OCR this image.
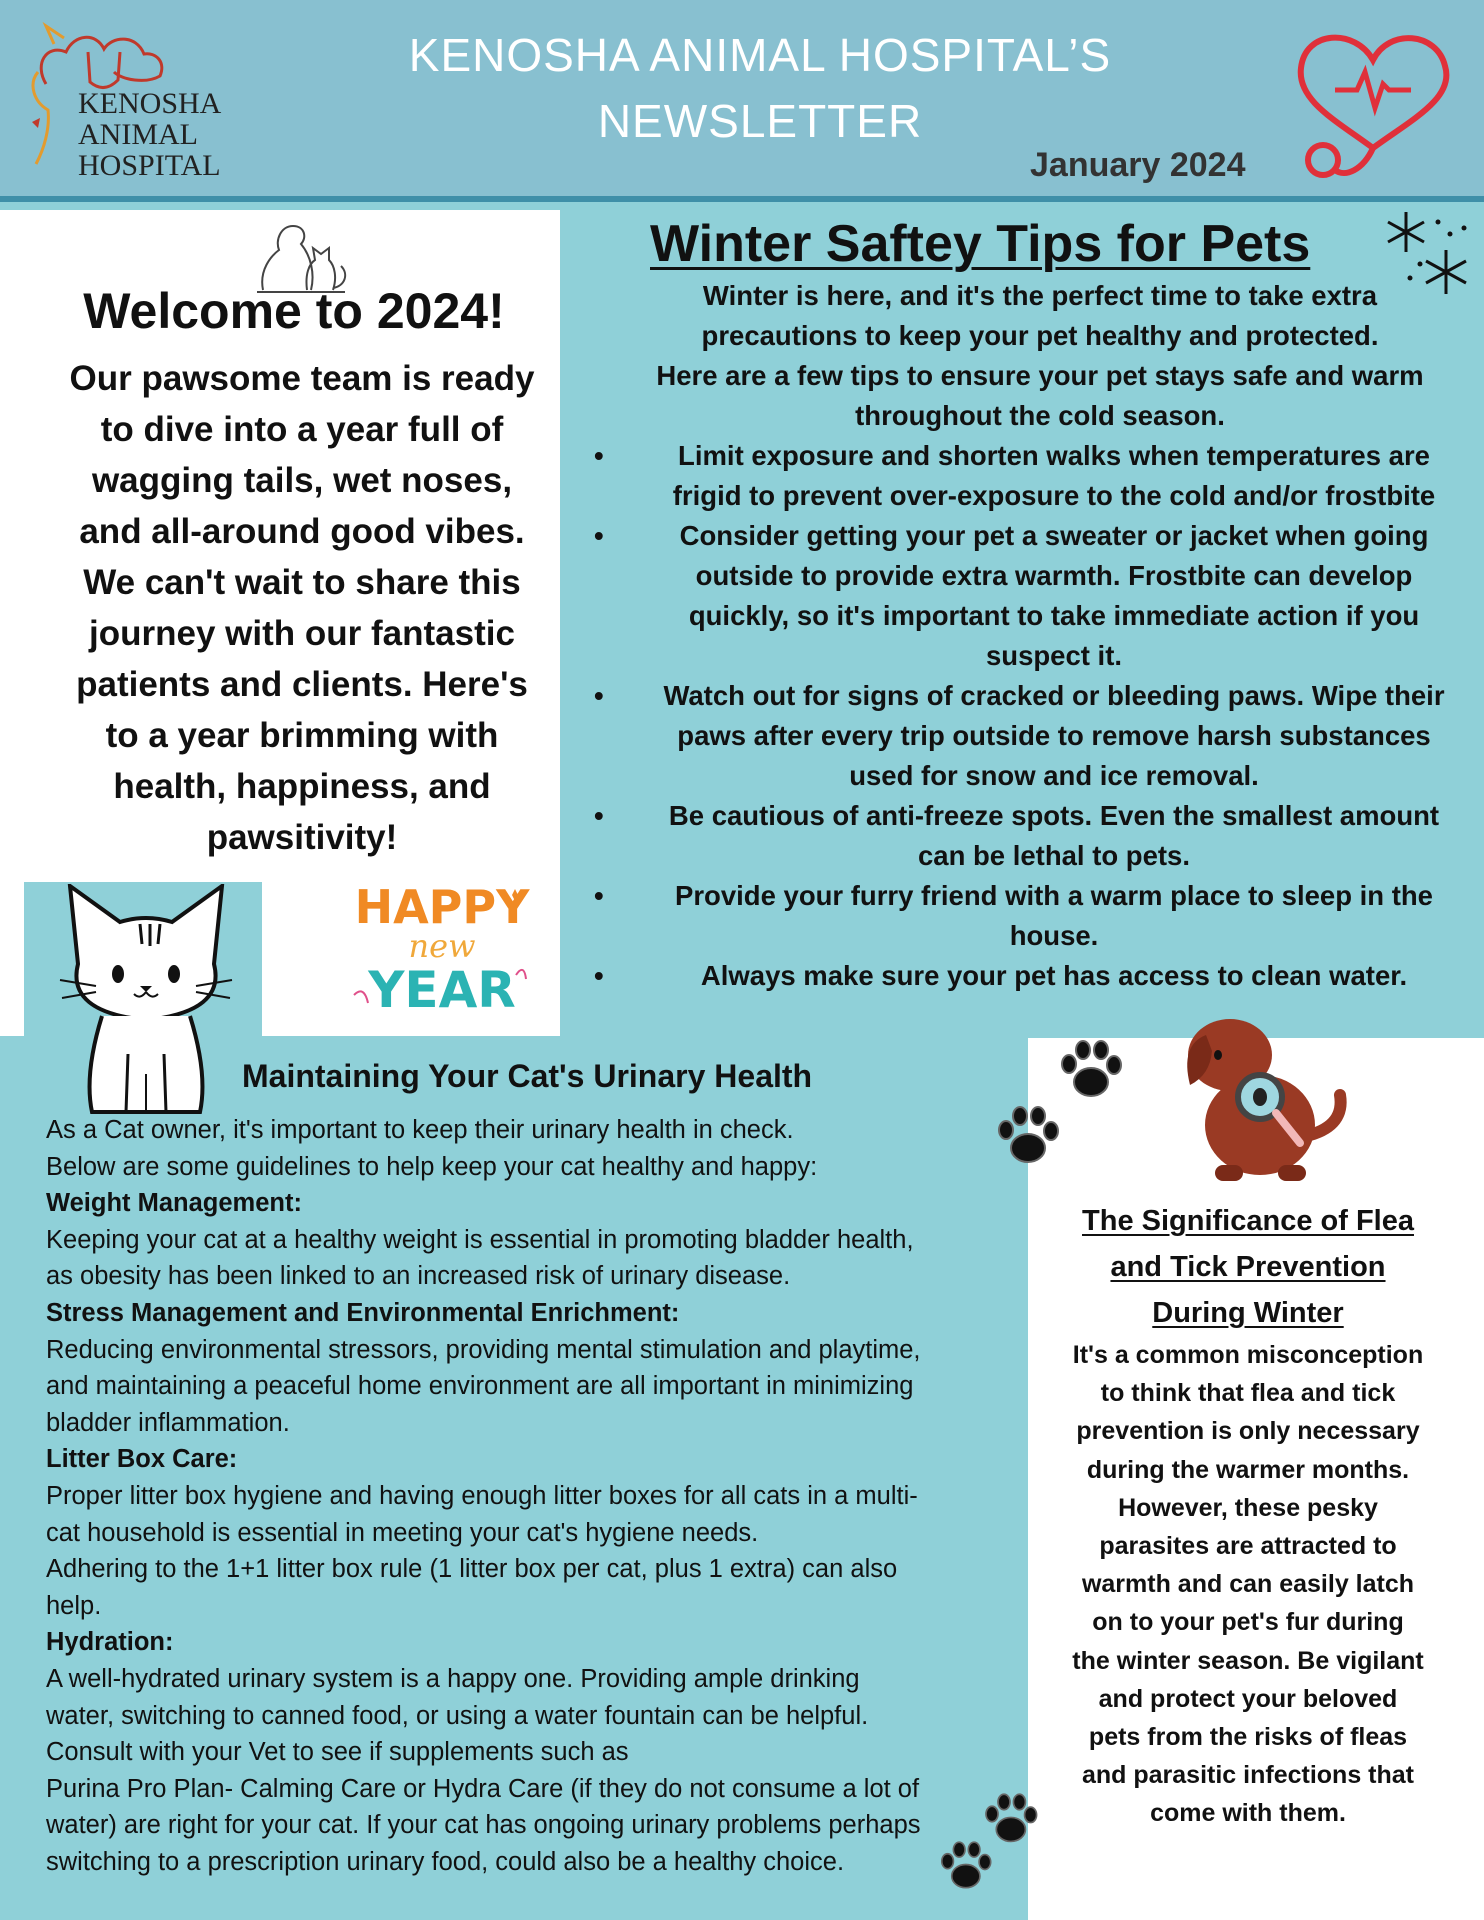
KENOSHA
ANIMAL
HOSPITAL
KENOSHA ANIMAL HOSPITAL’S
NEWSLETTER
January 2024
Welcome to 2024!
Our pawsome team is ready
to dive into a year full of
wagging tails, wet noses,
and all-around good vibes.
We can't wait to share this
journey with our fantastic
patients and clients. Here's
to a year brimming with
health, happiness, and
pawsitivity!
HAPPY
new
YEAR
Winter Saftey Tips for Pets
Winter is here, and it's the perfect time to take extra
precautions to keep your pet healthy and protected.
Here are a few tips to ensure your pet stays safe and warm
throughout the cold season.
•	Limit exposure and shorten walks when temperatures are
frigid to prevent over-exposure to the cold and/or frostbite
•	Consider getting your pet a sweater or jacket when going
outside to provide extra warmth. Frostbite can develop
quickly, so it's important to take immediate action if you
suspect it.
•	Watch out for signs of cracked or bleeding paws. Wipe their
paws after every trip outside to remove harsh substances
used for snow and ice removal.
•	Be cautious of anti-freeze spots. Even the smallest amount
can be lethal to pets.
•	Provide your furry friend with a warm place to sleep in the
house.
•	Always make sure your pet has access to clean water.
The Significance of Flea
and Tick Prevention
During Winter
It's a common misconception
to think that flea and tick
prevention is only necessary
during the warmer months.
However, these pesky
parasites are attracted to
warmth and can easily latch
on to your pet's fur during
the winter season. Be vigilant
and protect your beloved
pets from the risks of fleas
and parasitic infections that
come with them.
Maintaining Your Cat's Urinary Health
As a Cat owner, it's important to keep their urinary health in check.
Below are some guidelines to help keep your cat healthy and happy:
Weight Management:
Keeping your cat at a healthy weight is essential in promoting bladder health,
as obesity has been linked to an increased risk of urinary disease.
Stress Management and Environmental Enrichment:
Reducing environmental stressors, providing mental stimulation and playtime,
and maintaining a peaceful home environment are all important in minimizing
bladder inflammation.
Litter Box Care:
Proper litter box hygiene and having enough litter boxes for all cats in a multi-
cat household is essential in meeting your cat's hygiene needs.
Adhering to the 1+1 litter box rule (1 litter box per cat, plus 1 extra) can also
help.
Hydration:
A well-hydrated urinary system is a happy one. Providing ample drinking
water, switching to canned food, or using a water fountain can be helpful.
Consult with your Vet to see if supplements such as
Purina Pro Plan- Calming Care or Hydra Care (if they do not consume a lot of
water) are right for your cat. If your cat has ongoing urinary problems perhaps
switching to a prescription urinary food, could also be a healthy choice.
